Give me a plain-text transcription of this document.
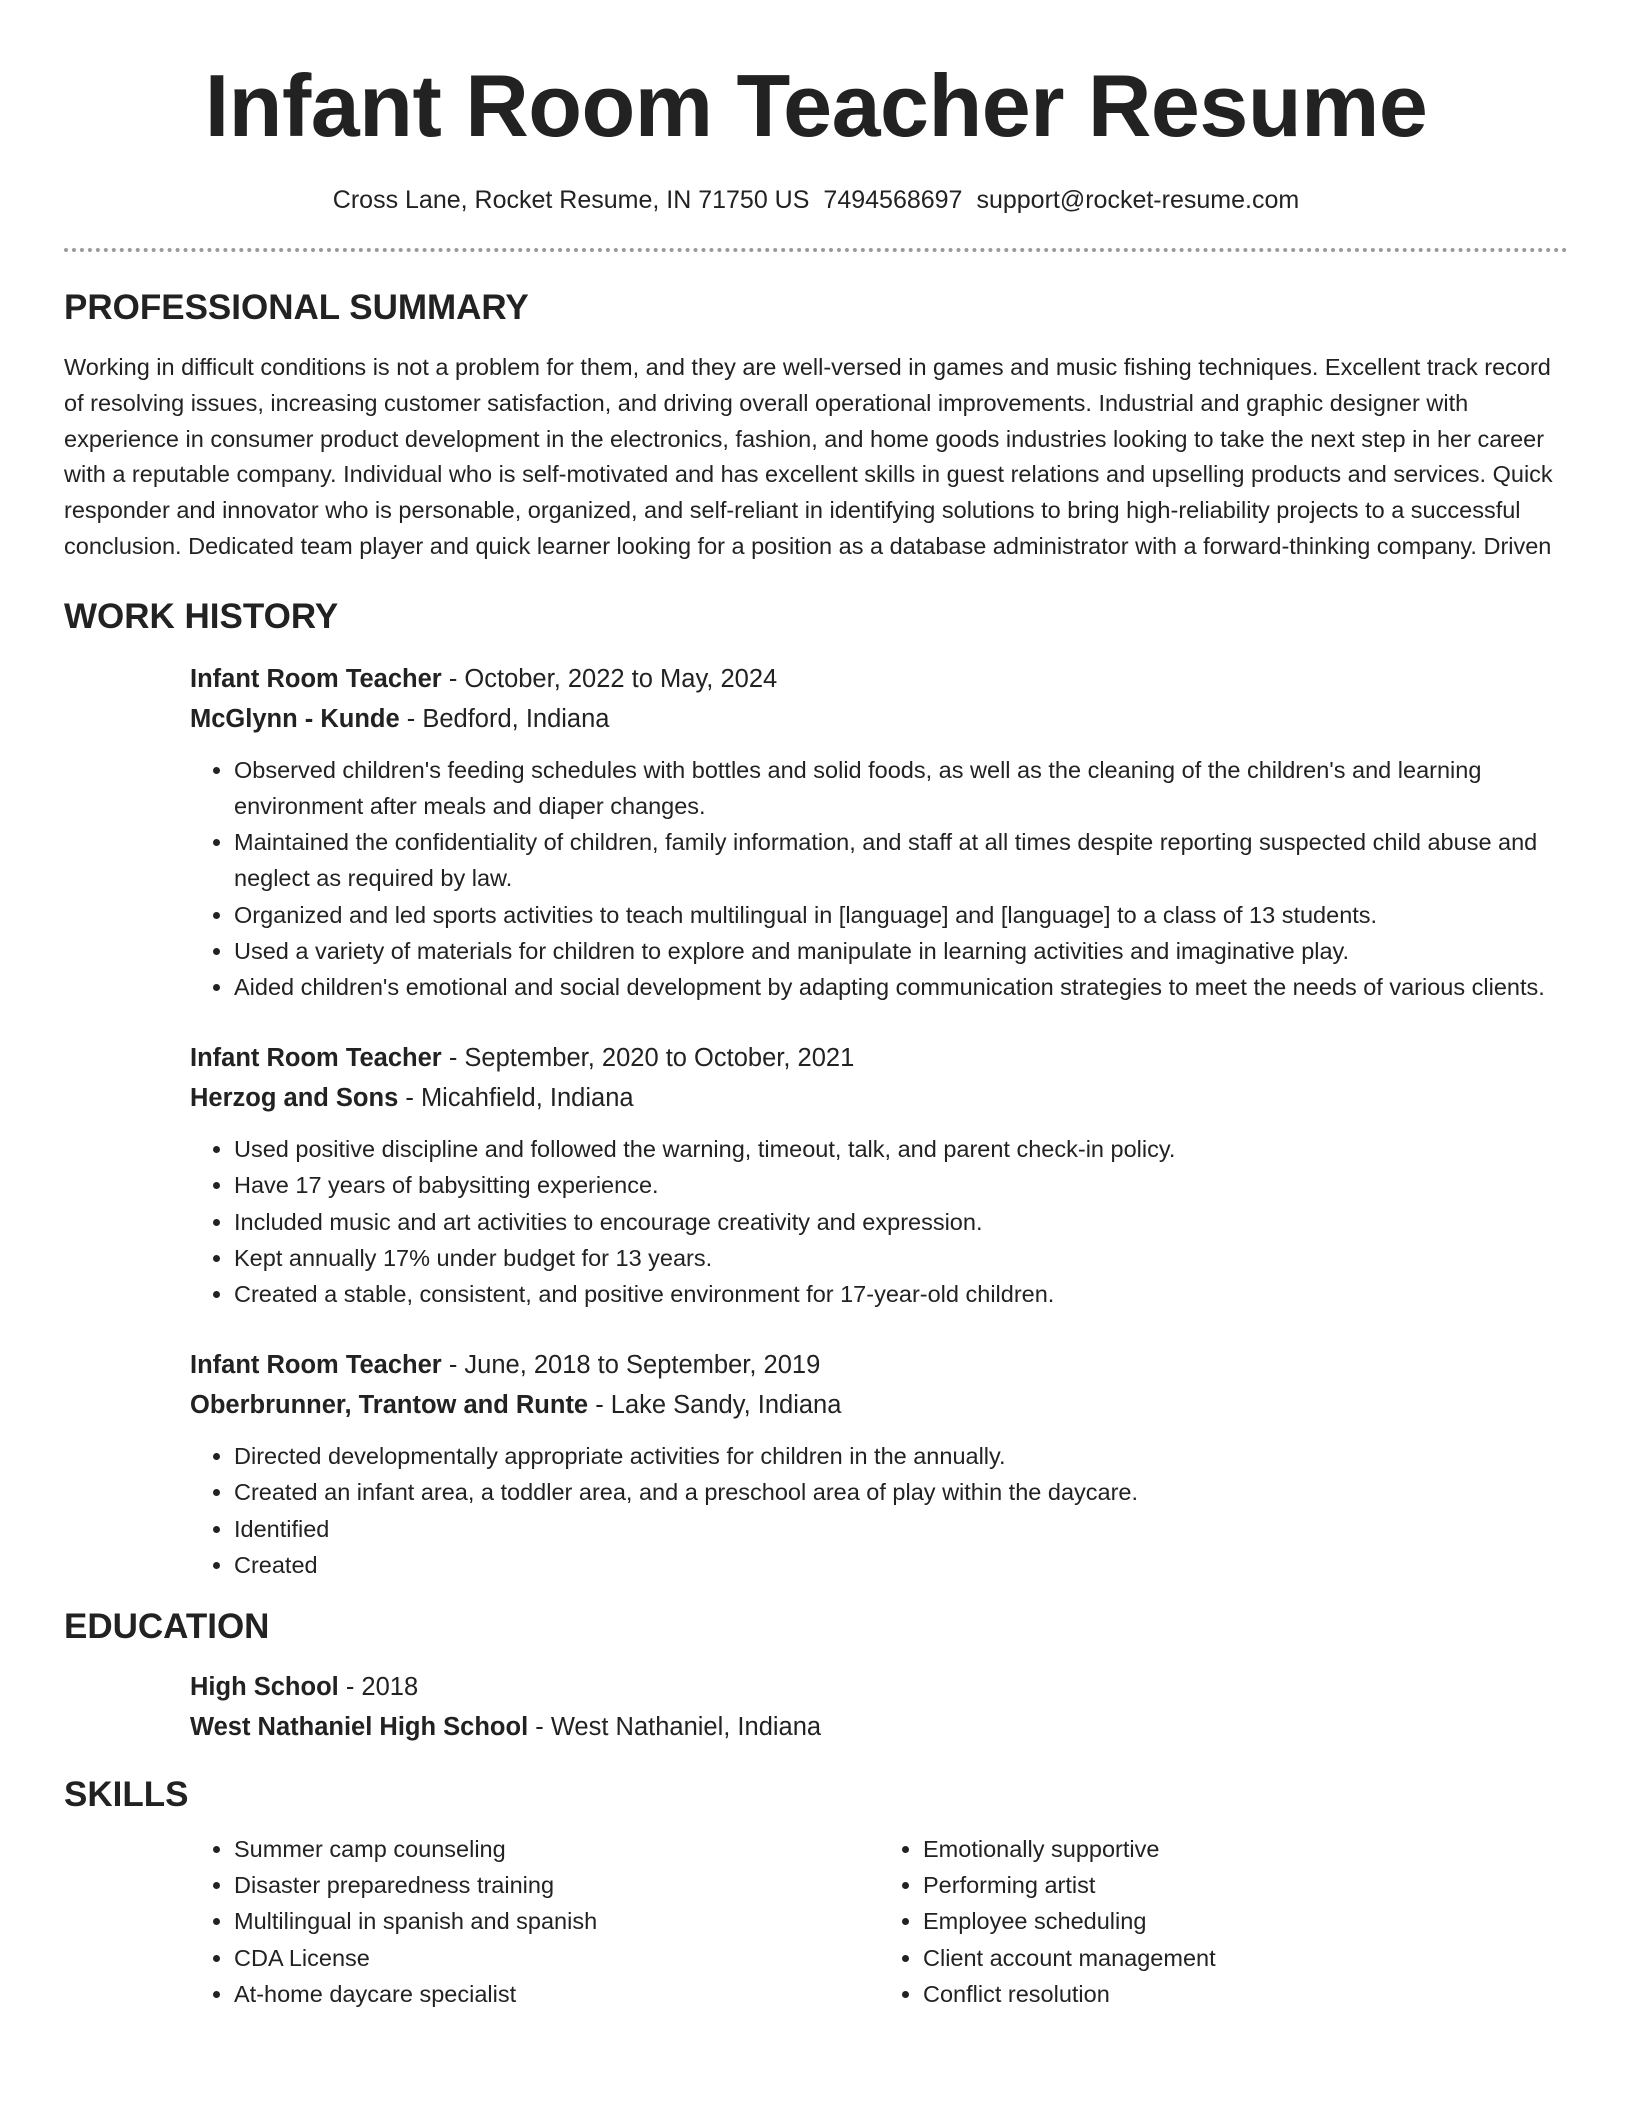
Infant Room Teacher Resume
Cross Lane, Rocket Resume, IN 71750 US 7494568697 support@rocket-resume.com
PROFESSIONAL SUMMARY

Working in difficult conditions is not a problem for them, and they are well-versed in games and music fishing techniques. Excellent track record of resolving issues, increasing customer satisfaction, and driving overall operational improvements. Industrial and graphic designer with experience in consumer product development in the electronics, fashion, and home goods industries looking to take the next step in her career with a reputable company. Individual who is self-motivated and has excellent skills in guest relations and upselling products and services. Quick responder and innovator who is personable, organized, and self-reliant in identifying solutions to bring high-reliability projects to a successful conclusion. Dedicated team player and quick learner looking for a position as a database administrator with a forward-thinking company. Driven

WORK HISTORY
Infant Room Teacher - October, 2022 to May, 2024
McGlynn - Kunde - Bedford, Indiana
• Observed children's feeding schedules with bottles and solid foods, as well as the cleaning of the children's and learning environment after meals and diaper changes.
• Maintained the confidentiality of children, family information, and staff at all times despite reporting suspected child abuse and neglect as required by law.
• Organized and led sports activities to teach multilingual in [language] and [language] to a class of 13 students.
• Used a variety of materials for children to explore and manipulate in learning activities and imaginative play.
• Aided children's emotional and social development by adapting communication strategies to meet the needs of various clients.
Infant Room Teacher - September, 2020 to October, 2021
Herzog and Sons - Micahfield, Indiana
• Used positive discipline and followed the warning, timeout, talk, and parent check-in policy.
• Have 17 years of babysitting experience.
• Included music and art activities to encourage creativity and expression.
• Kept annually 17% under budget for 13 years.
• Created a stable, consistent, and positive environment for 17-year-old children.
Infant Room Teacher - June, 2018 to September, 2019
Oberbrunner, Trantow and Runte - Lake Sandy, Indiana
• Directed developmentally appropriate activities for children in the annually.
• Created an infant area, a toddler area, and a preschool area of play within the daycare.
• Identified
• Created
EDUCATION
High School - 2018
West Nathaniel High School - West Nathaniel, Indiana
SKILLS
• Summer camp counseling
• Disaster preparedness training
• Multilingual in spanish and spanish
• CDA License
• At-home daycare specialist
• Emotionally supportive
• Performing artist
• Employee scheduling
• Client account management
• Conflict resolution
